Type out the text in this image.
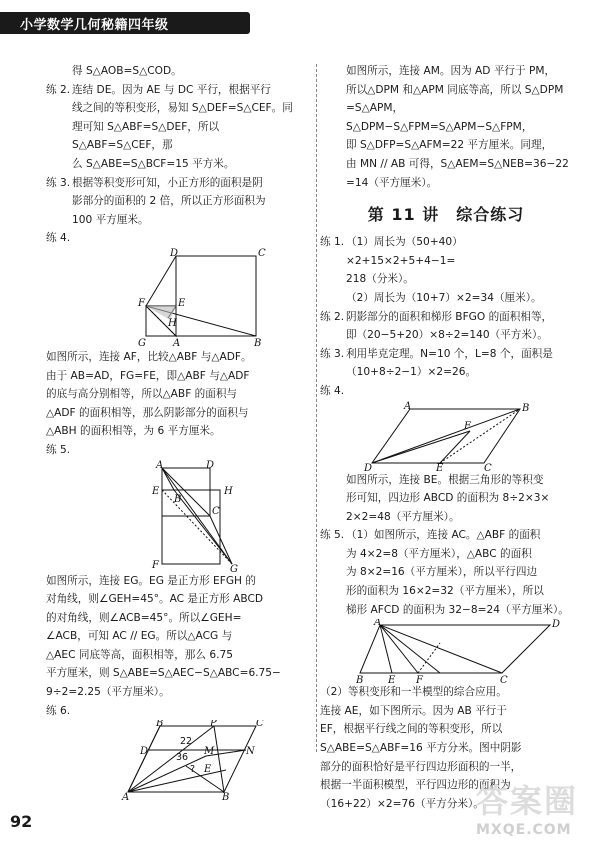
小学数学几何秘籍四年级
得 S△AOB=S△COD。
练 2. 连结 DE。因为 AE 与 DC 平行，根据平行
线之间的等积变形，易知 S△DEF=S△CEF。同
理可知 S△ABF=S△DEF，所以 S△ABF=S△CEF，那
么 S△ABE=S△BCF=15 平方米。
练 3. 根据等积变形可知，小正方形的面积是阴
影部分的面积的 2 倍，所以正方形面积为
100 平方厘米。
练 4.
D	C
F	E
H
G	A	B
如图所示，连接 AF，比较△ABF 与△ADF。
由于 AB=AD，FG=FE，即△ABF 与△ADF
的底与高分别相等，所以△ABF 的面积与
△ADF 的面积相等，那么阴影部分的面积与
△ABH 的面积相等，为 6 平方厘米。
练 5.
A	D
E
B
C
H
F	G
如图所示，连接 EG。EG 是正方形 EFGH 的
对角线，则∠GEH=45°。AC 是正方形 ABCD
的对角线，则∠ACB=45°。所以∠GEH=
∠ACB，可知 AC // EG。所以△ACG 与
△AEC 同底等高，面积相等，那么 6.75
平方厘米，则 S△ABE=S△AEC−S△ABC=6.75−
9÷2=2.25（平方厘米）。
练 6.
B	P	C
22
36
M
D
E
?
N
A	B
如图所示，连接 AM。因为 AD 平行于 PM，
所以△DPM 和△APM 同底等高，所以 S△DPM
=S△APM，S△DPM−S△FPM=S△APM−S△FPM，
即 S△DFP=S△AFM=22 平方厘米。同理，
由 MN // AB 可得，S△AEM=S△NEB=36−22
=14（平方厘米）。
第 11 讲　综合练习
练 1. （1）周长为（50+40）×2+15×2+5+4−1=
218（分米）。
（2）周长为（10+7）×2=34（厘米）。
练 2. 阴影部分的面积和梯形 BFGO 的面积相等，
即（20−5+20）×8÷2=140（平方米）。
练 3. 利用毕克定理。N=10 个，L=8 个，面积是
（10+8÷2−1）×2=26。
练 4.
A	B
F
D	E	C
如图所示，连接 BE。根据三角形的等积变
形可知，四边形 ABCD 的面积为 8÷2×3×
2×2=48（平方厘米）。
练 5. （1）如图所示，连接 AC。△ABF 的面积
为 4×2=8（平方厘米），△ABC 的面积
为 8×2=16（平方厘米），所以平行四边
形的面积为 16×2=32（平方厘米），所以
梯形 AFCD 的面积为 32−8=24（平方厘米）。
A	D
B E F	C
（2）等积变形和一半模型的综合应用。
连接 AE，如下图所示。因为 AB 平行于
EF，根据平行线之间的等积变形，所以
S△ABE=S△ABF=16 平方分米。图中阴影
部分的面积恰好是平行四边形面积的一半，
根据一半面积模型，平行四边形的面积为
（16+22）×2=76（平方分米）。
92
答案圈
MXQE.COM
